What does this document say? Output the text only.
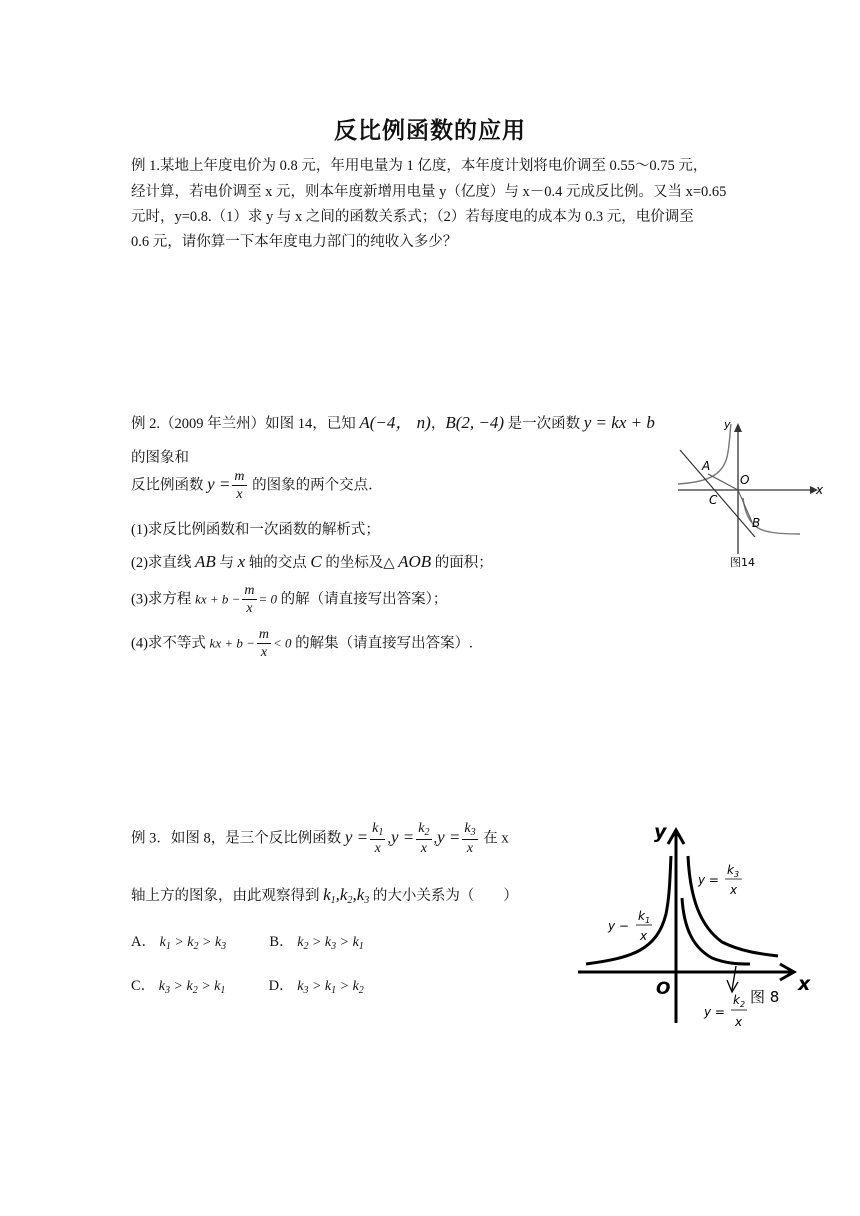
反比例函数的应用
例 1.某地上年度电价为 0.8 元，年用电量为 1 亿度，本年度计划将电价调至 0.55～0.75 元，
经计算，若电价调至 x 元，则本年度新增用电量 y（亿度）与 x－0.4 元成反比例。又当 x=0.65
元时，y=0.8.（1）求 y 与 x 之间的函数关系式；（2）若每度电的成本为 0.3 元，电价调至
0.6 元，请你算一下本年度电力部门的纯收入多少？
例 2.（2009 年兰州）如图 14，已知 A(−4， n)，B(2, −4) 是一次函数 y = kx + b
的图象和
反比例函数 $y = \frac{m}{x}$ 的图象的两个交点．
(1)求反比例函数和一次函数的解析式；
(2)求直线 AB 与 x 轴的交点 C 的坐标及△ AOB 的面积；
(3)求方程 kx + $b - \frac{m}{x} = 0$ 的解（请直接写出答案）；
(4)求不等式 kx + $b - \frac{m}{x} < 0$ 的解集（请直接写出答案）.
y
x
A
O
C
B
图14
例 3．如图 8，是三个反比例函数 $y = \frac{k_1}{x} ,y = \frac{k_2}{x} ,y = \frac{k_3}{x}$ 在 x
轴上方的图象，由此观察得到 $k_1,k_2,k_3$ 的大小关系为（　　）
A． $k_1 > k_2 > k_3$	B． $k_2 > k_3 > k_1$
C． $k_3 > k_2 > k_1$	D． $k_3 > k_1 > k_2$
y
x
O
y =
$k_3$
x
y −
$k_1$
x
y =
$k_2$
x
图 8
